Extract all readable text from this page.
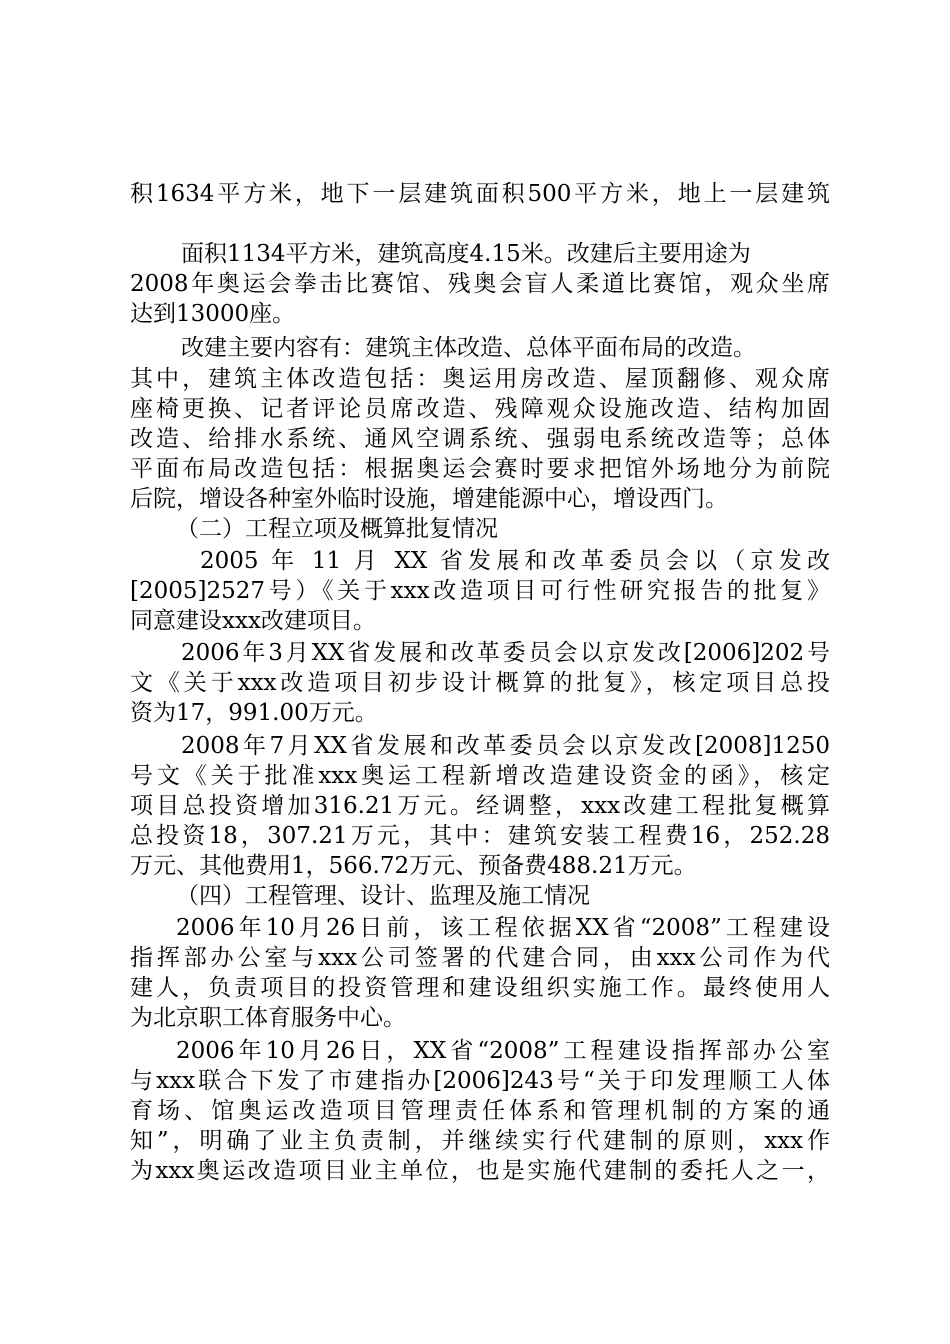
积1634平方米，地下一层建筑面积500平方米，地上一层建筑
面积1134平方米，建筑高度4.15米。改建后主要用途为
2008年奥运会拳击比赛馆、残奥会盲人柔道比赛馆，观众坐席
达到13000座。
改建主要内容有：建筑主体改造、总体平面布局的改造。
其中，建筑主体改造包括：奥运用房改造、屋顶翻修、观众席
座椅更换、记者评论员席改造、残障观众设施改造、结构加固
改造、给排水系统、通风空调系统、强弱电系统改造等；总体
平面布局改造包括：根据奥运会赛时要求把馆外场地分为前院
后院，增设各种室外临时设施，增建能源中心，增设西门。
（二）工程立项及概算批复情况
2005 年 11 月 XX 省发展和改革委员会以（京发改
[2005]2527号）《关于xxx改造项目可行性研究报告的批复》
同意建设xxx改建项目。
2006年3月XX省发展和改革委员会以京发改[2006]202号
文《关于xxx改造项目初步设计概算的批复》，核定项目总投
资为17，991.00万元。
2008年7月XX省发展和改革委员会以京发改[2008]1250
号文《关于批准xxx奥运工程新增改造建设资金的函》，核定
项目总投资增加316.21万元。经调整，xxx改建工程批复概算
总投资18，307.21万元，其中：建筑安装工程费16，252.28
万元、其他费用1，566.72万元、预备费488.21万元。
（四）工程管理、设计、监理及施工情况
2006年10月26日前，该工程依据XX省“2008”工程建设
指挥部办公室与xxx公司签署的代建合同，由xxx公司作为代
建人，负责项目的投资管理和建设组织实施工作。最终使用人
为北京职工体育服务中心。
2006年10月26日，XX省“2008”工程建设指挥部办公室
与xxx联合下发了市建指办[2006]243号“关于印发理顺工人体
育场、馆奥运改造项目管理责任体系和管理机制的方案的通
知”，明确了业主负责制，并继续实行代建制的原则，xxx作
为xxx奥运改造项目业主单位，也是实施代建制的委托人之一，
